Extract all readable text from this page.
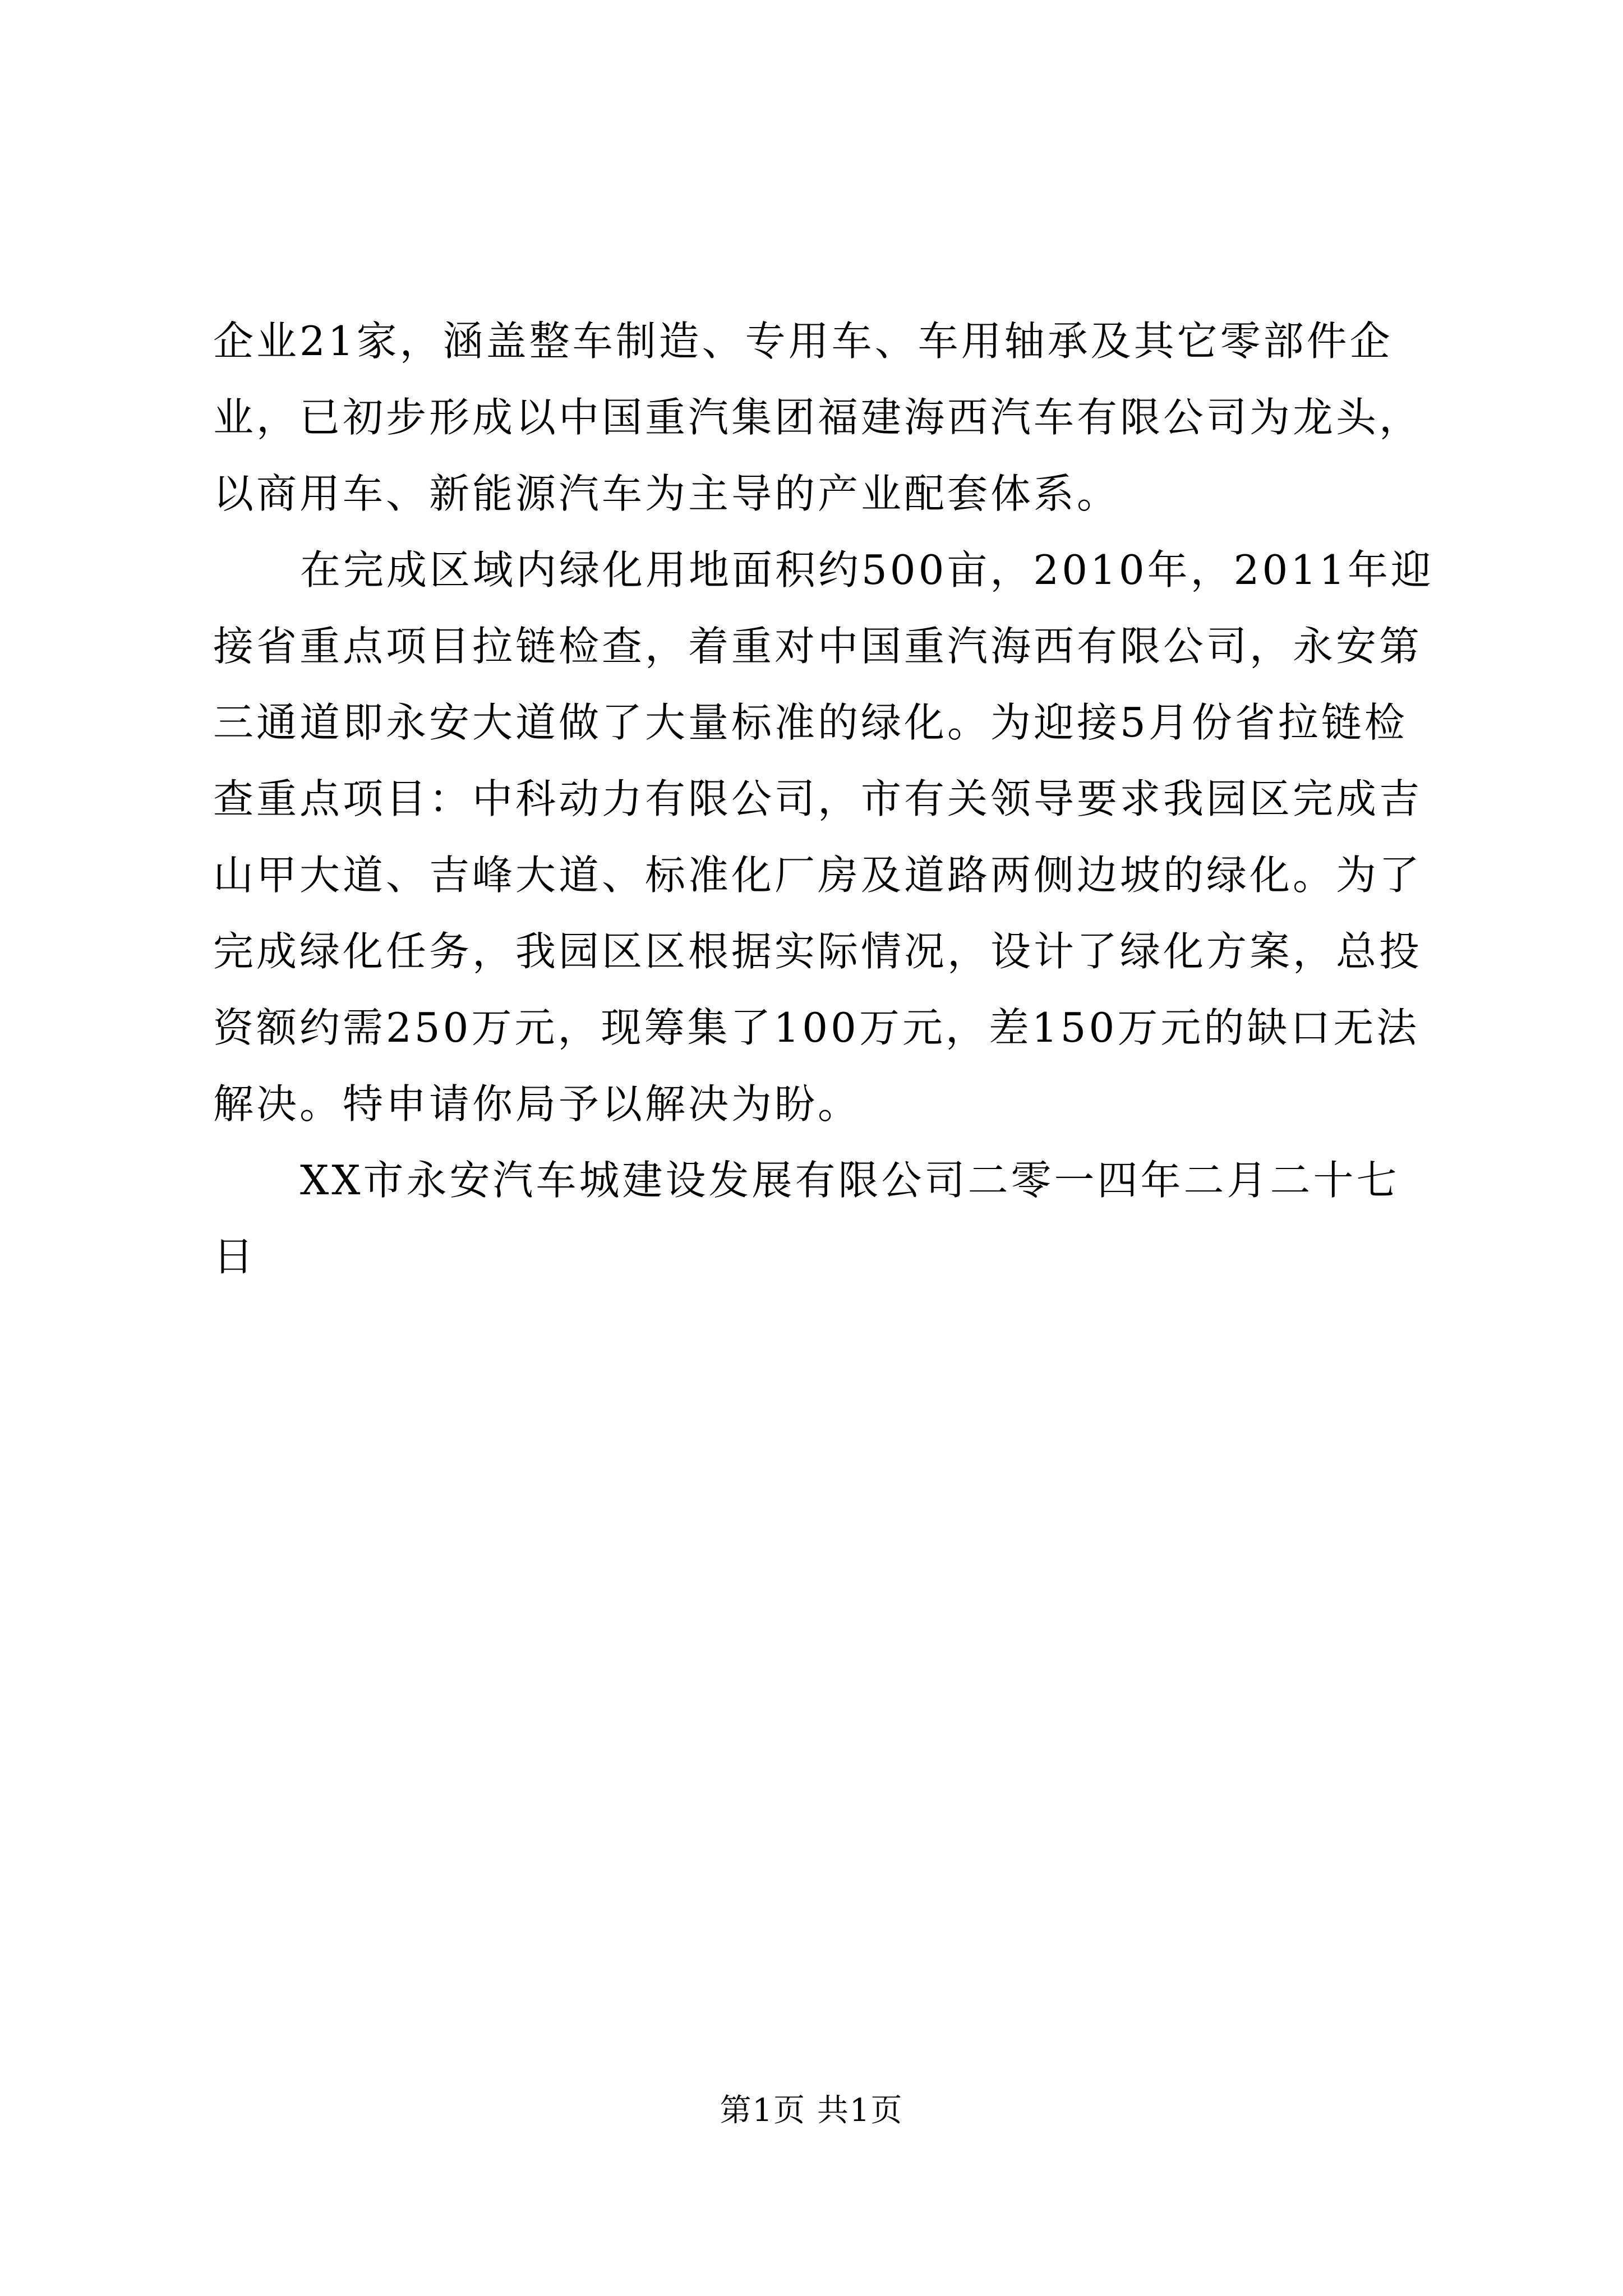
企业21家，涵盖整车制造、专用车、车用轴承及其它零部件企
业，已初步形成以中国重汽集团福建海西汽车有限公司为龙头，
以商用车、新能源汽车为主导的产业配套体系。
在完成区域内绿化用地面积约500亩，2010年，2011年迎
接省重点项目拉链检查，着重对中国重汽海西有限公司，永安第
三通道即永安大道做了大量标准的绿化。为迎接5月份省拉链检
查重点项目：中科动力有限公司，市有关领导要求我园区完成吉
山甲大道、吉峰大道、标准化厂房及道路两侧边坡的绿化。为了
完成绿化任务，我园区区根据实际情况，设计了绿化方案，总投
资额约需250万元，现筹集了100万元，差150万元的缺口无法
解决。特申请你局予以解决为盼。
XX市永安汽车城建设发展有限公司二零一四年二月二十七
日
第1页 共1页
